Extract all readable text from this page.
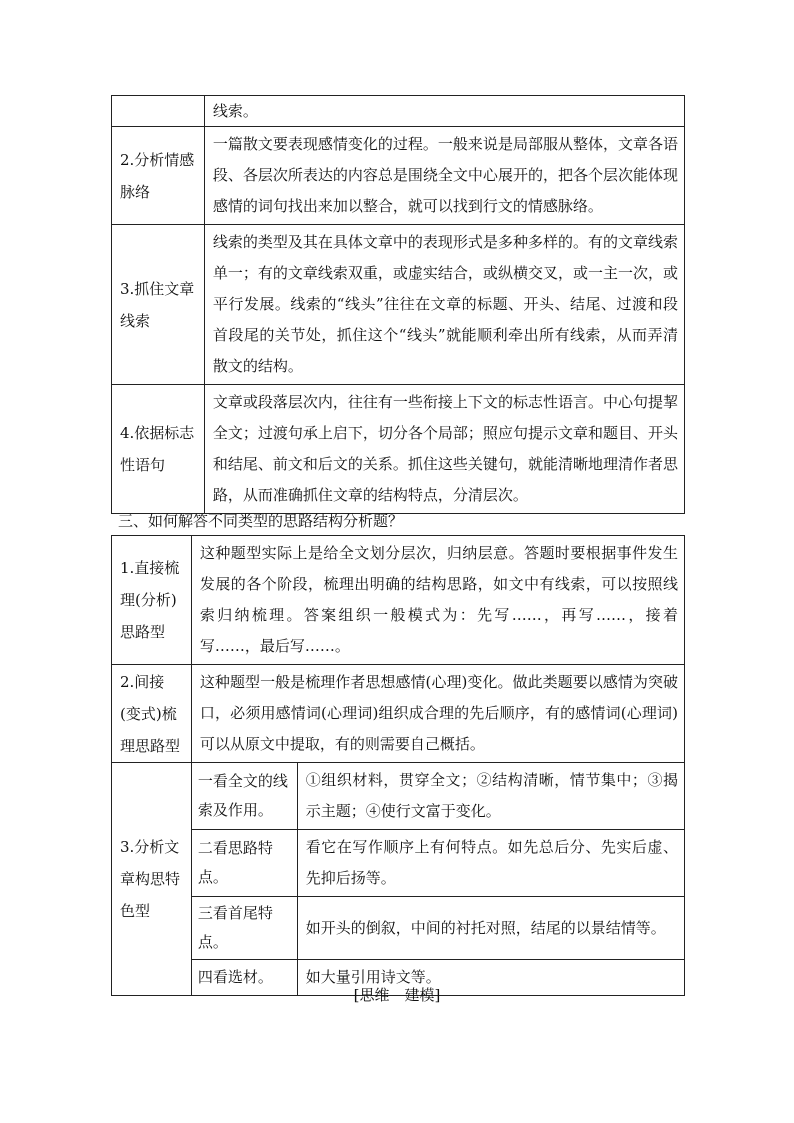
	线索。
2.分析情感脉络	一篇散文要表现感情变化的过程。一般来说是局部服从整体，文章各语段、各层次所表达的内容总是围绕全文中心展开的，把各个层次能体现感情的词句找出来加以整合，就可以找到行文的情感脉络。
3.抓住文章线索	线索的类型及其在具体文章中的表现形式是多种多样的。有的文章线索单一；有的文章线索双重，或虚实结合，或纵横交叉，或一主一次，或平行发展。线索的“线头”往往在文章的标题、开头、结尾、过渡和段首段尾的关节处，抓住这个“线头”就能顺利牵出所有线索，从而弄清散文的结构。
4.依据标志性语句	文章或段落层次内，往往有一些衔接上下文的标志性语言。中心句提挈全文；过渡句承上启下，切分各个局部；照应句提示文章和题目、开头和结尾、前文和后文的关系。抓住这些关键句，就能清晰地理清作者思路，从而准确抓住文章的结构特点，分清层次。
三、如何解答不同类型的思路结构分析题？
1.直接梳理(分析)思路型	这种题型实际上是给全文划分层次，归纳层意。答题时要根据事件发生发展的各个阶段，梳理出明确的结构思路，如文中有线索，可以按照线索归纳梳理。答案组织一般模式为：先写……，再写……，接着写……，最后写……。	
2.间接(变式)梳理思路型	这种题型一般是梳理作者思想感情(心理)变化。做此类题要以感情为突破口，必须用感情词(心理词)组织成合理的先后顺序，有的感情词(心理词)可以从原文中提取，有的则需要自己概括。	
3.分析文章构思特色型	一看全文的线索及作用。	①组织材料，贯穿全文；②结构清晰，情节集中；③揭示主题；④使行文富于变化。
	二看思路特点。	看它在写作顺序上有何特点。如先总后分、先实后虚、先抑后扬等。
	三看首尾特点。	如开头的倒叙，中间的衬托对照，结尾的以景结情等。
	四看选材。	如大量引用诗文等。
[思维　建模]
